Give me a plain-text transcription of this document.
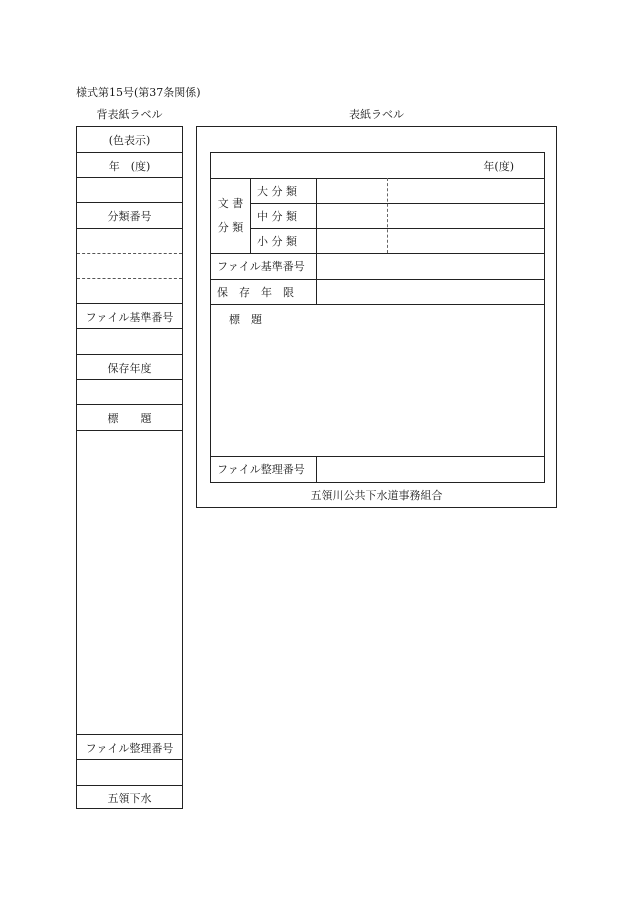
様式第15号(第37条関係)
背表紙ラベル	表紙ラベル
(色表示)
年　(度)
分類番号
ファイル基準番号
保存年度
標　　題
ファイル整理番号
五領下水
年(度)
文 書
分 類
大 分 類
中 分 類
小 分 類
ファイル基準番号
保　存　年　限
標　題
ファイル整理番号
五領川公共下水道事務組合
